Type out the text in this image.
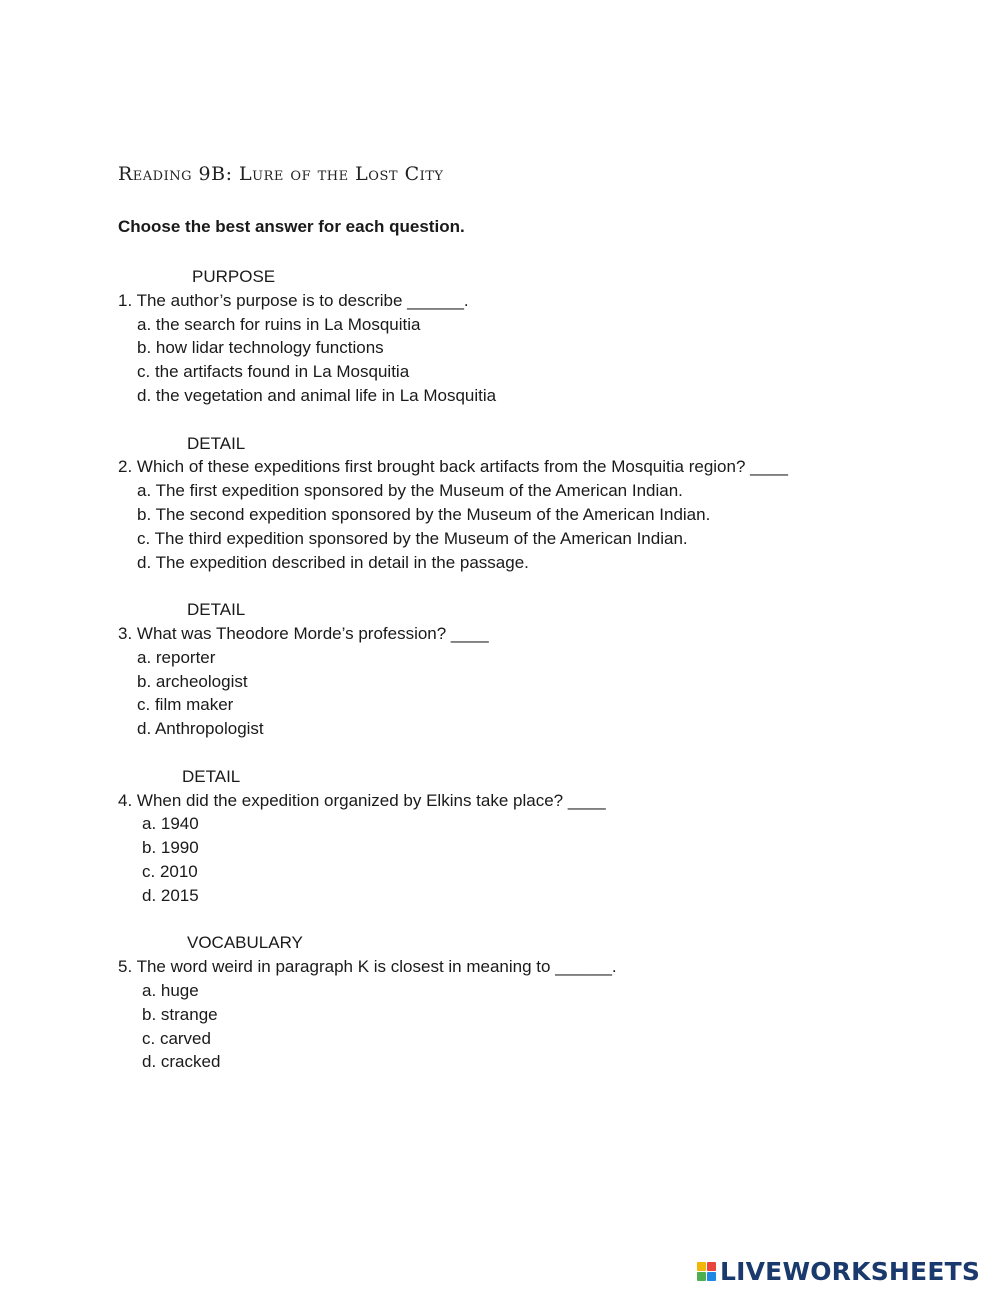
Reading 9B: Lure of the Lost City
Choose the best answer for each question.
PURPOSE
1. The author’s purpose is to describe ______.
a. the search for ruins in La Mosquitia
b. how lidar technology functions
c. the artifacts found in La Mosquitia
d. the vegetation and animal life in La Mosquitia
DETAIL
2. Which of these expeditions first brought back artifacts from the Mosquitia region? ____
a. The first expedition sponsored by the Museum of the American Indian.
b. The second expedition sponsored by the Museum of the American Indian.
c. The third expedition sponsored by the Museum of the American Indian.
d. The expedition described in detail in the passage.
DETAIL
3. What was Theodore Morde’s profession? ____
a. reporter
b. archeologist
c. film maker
d. Anthropologist
DETAIL
4. When did the expedition organized by Elkins take place? ____
a. 1940
b. 1990
c. 2010
d. 2015
VOCABULARY
5. The word weird in paragraph K is closest in meaning to ______.
a. huge
b. strange
c. carved
d. cracked
LIVEWORKSHEETS
